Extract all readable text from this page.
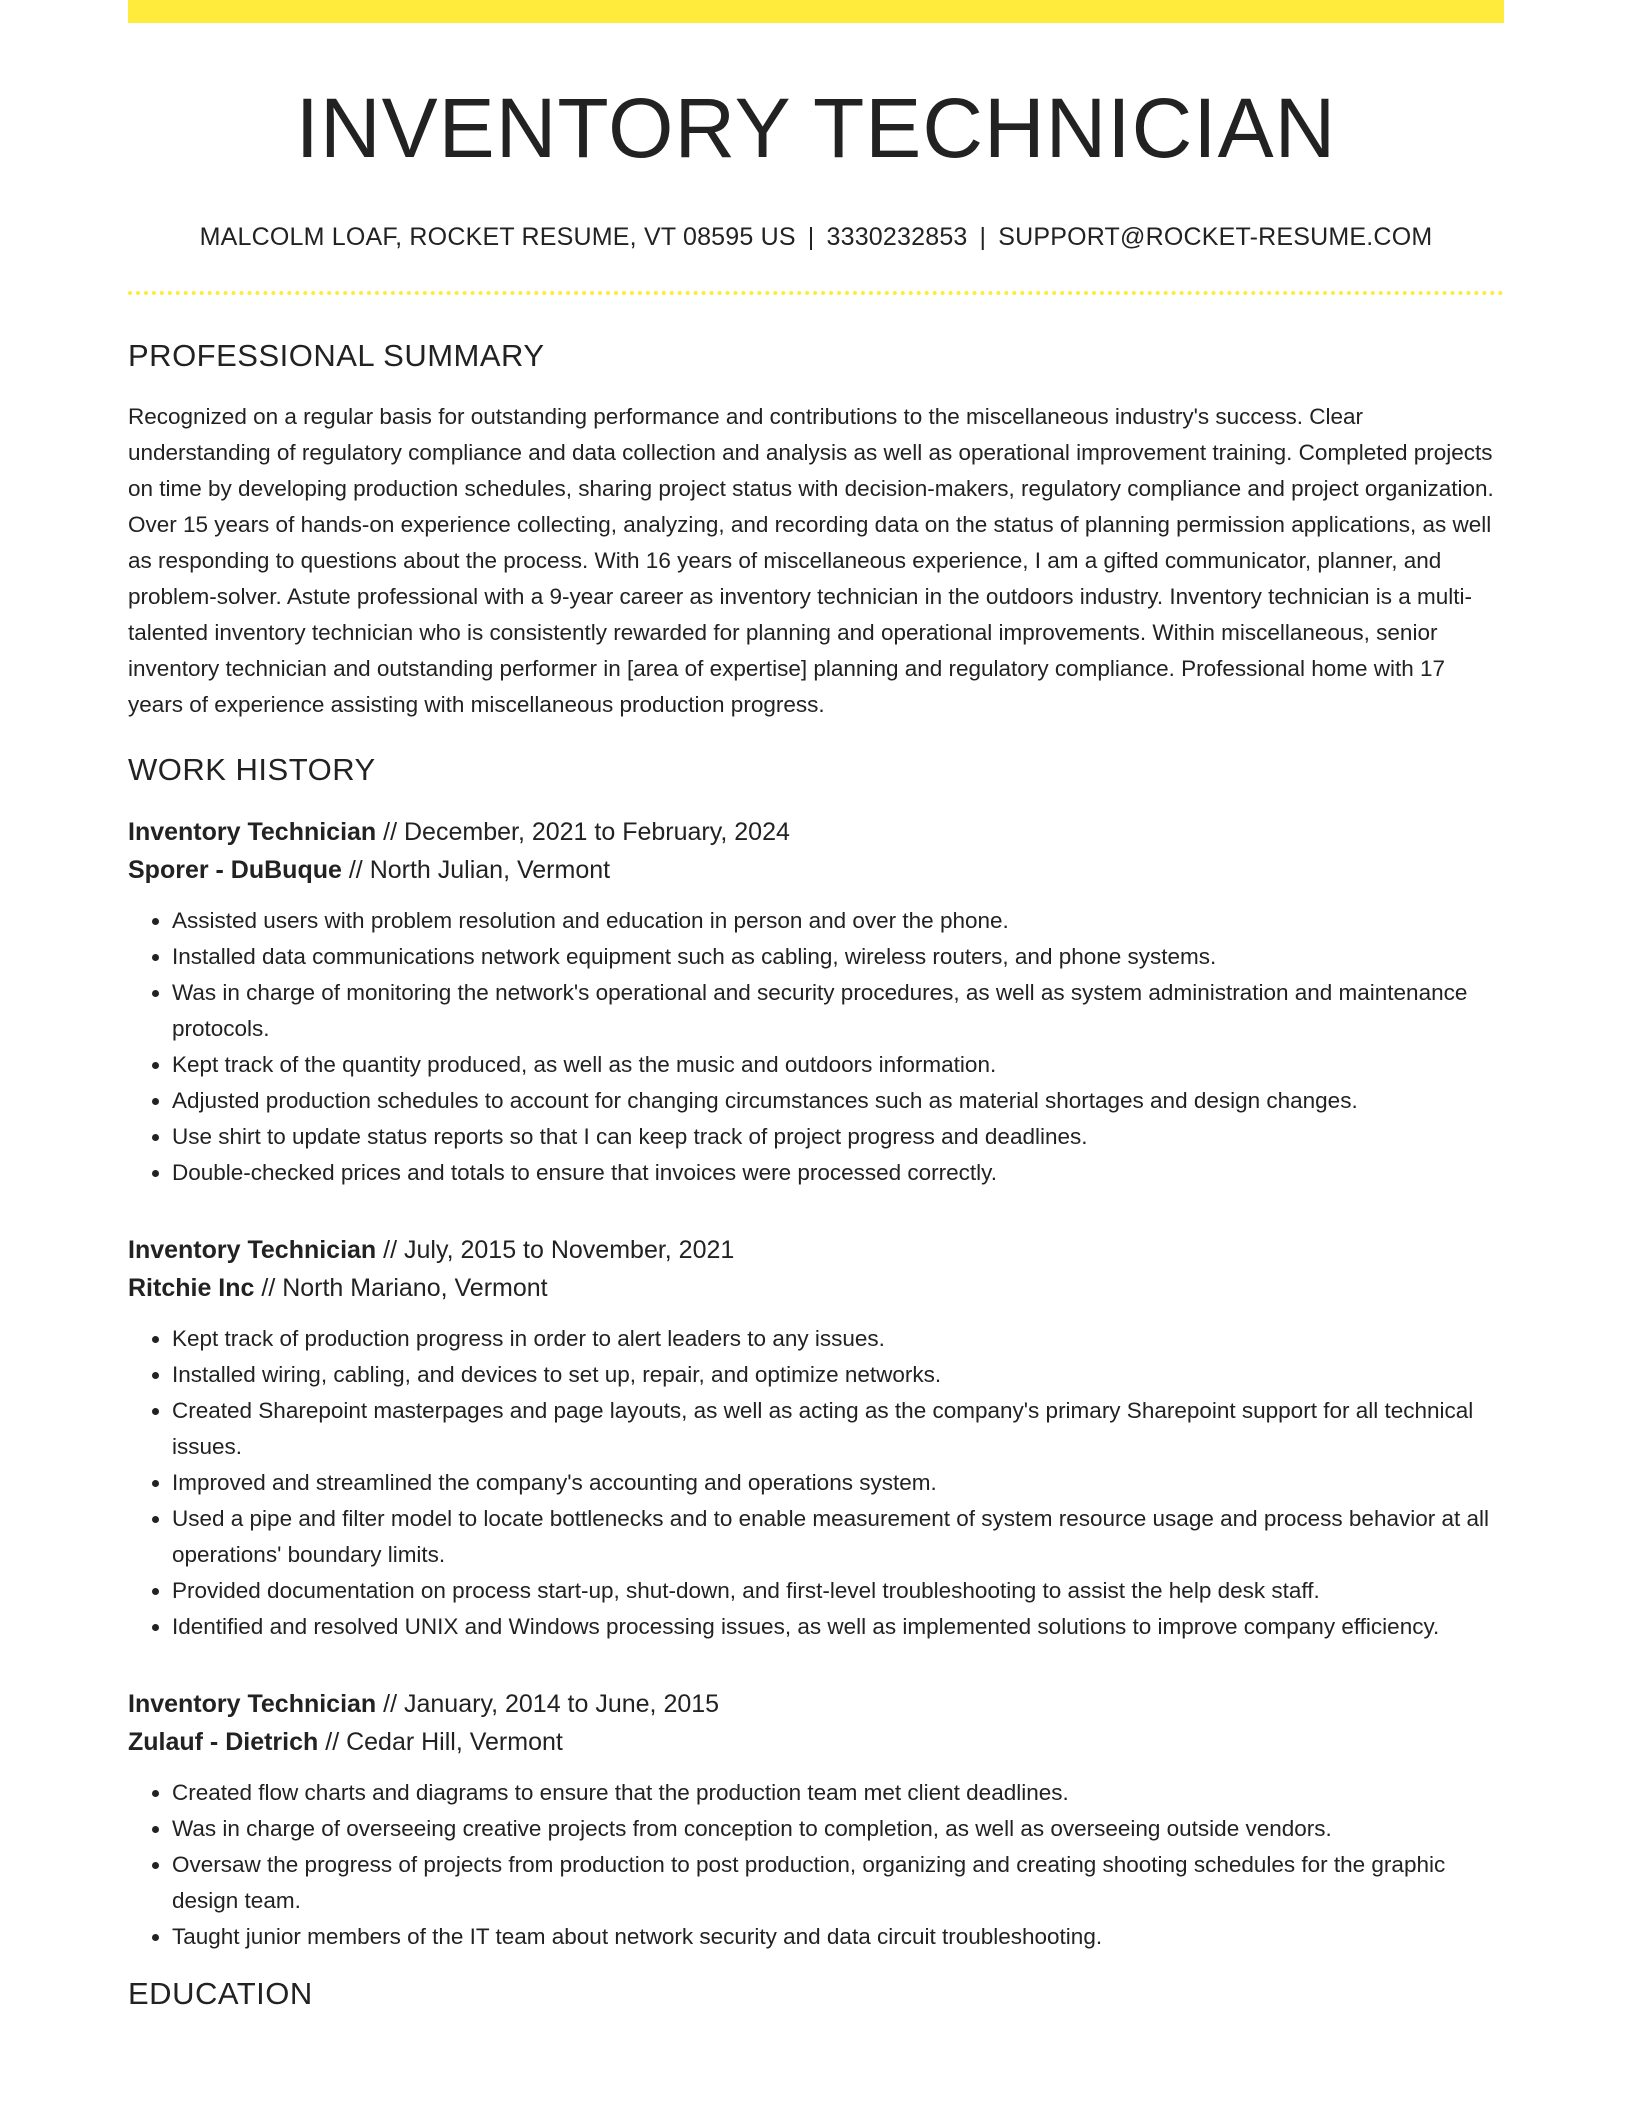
INVENTORY TECHNICIAN
MALCOLM LOAF, ROCKET RESUME, VT 08595 US | 3330232853 | SUPPORT@ROCKET-RESUME.COM
PROFESSIONAL SUMMARY

Recognized on a regular basis for outstanding performance and contributions to the miscellaneous industry's success. Clear understanding of regulatory compliance and data collection and analysis as well as operational improvement training. Completed projects on time by developing production schedules, sharing project status with decision-makers, regulatory compliance and project organization. Over 15 years of hands-on experience collecting, analyzing, and recording data on the status of planning permission applications, as well as responding to questions about the process. With 16 years of miscellaneous experience, I am a gifted communicator, planner, and problem-solver. Astute professional with a 9-year career as inventory technician in the outdoors industry. Inventory technician is a multi-talented inventory technician who is consistently rewarded for planning and operational improvements. Within miscellaneous, senior inventory technician and outstanding performer in [area of expertise] planning and regulatory compliance. Professional home with 17 years of experience assisting with miscellaneous production progress.

WORK HISTORY
Inventory Technician // December, 2021 to February, 2024
Sporer - DuBuque // North Julian, Vermont
• Assisted users with problem resolution and education in person and over the phone.
• Installed data communications network equipment such as cabling, wireless routers, and phone systems.
• Was in charge of monitoring the network's operational and security procedures, as well as system administration and maintenance protocols.
• Kept track of the quantity produced, as well as the music and outdoors information.
• Adjusted production schedules to account for changing circumstances such as material shortages and design changes.
• Use shirt to update status reports so that I can keep track of project progress and deadlines.
• Double-checked prices and totals to ensure that invoices were processed correctly.
Inventory Technician // July, 2015 to November, 2021
Ritchie Inc // North Mariano, Vermont
• Kept track of production progress in order to alert leaders to any issues.
• Installed wiring, cabling, and devices to set up, repair, and optimize networks.
• Created Sharepoint masterpages and page layouts, as well as acting as the company's primary Sharepoint support for all technical issues.
• Improved and streamlined the company's accounting and operations system.
• Used a pipe and filter model to locate bottlenecks and to enable measurement of system resource usage and process behavior at all operations' boundary limits.
• Provided documentation on process start-up, shut-down, and first-level troubleshooting to assist the help desk staff.
• Identified and resolved UNIX and Windows processing issues, as well as implemented solutions to improve company efficiency.
Inventory Technician // January, 2014 to June, 2015
Zulauf - Dietrich // Cedar Hill, Vermont
• Created flow charts and diagrams to ensure that the production team met client deadlines.
• Was in charge of overseeing creative projects from conception to completion, as well as overseeing outside vendors.
• Oversaw the progress of projects from production to post production, organizing and creating shooting schedules for the graphic design team.
• Taught junior members of the IT team about network security and data circuit troubleshooting.
EDUCATION
